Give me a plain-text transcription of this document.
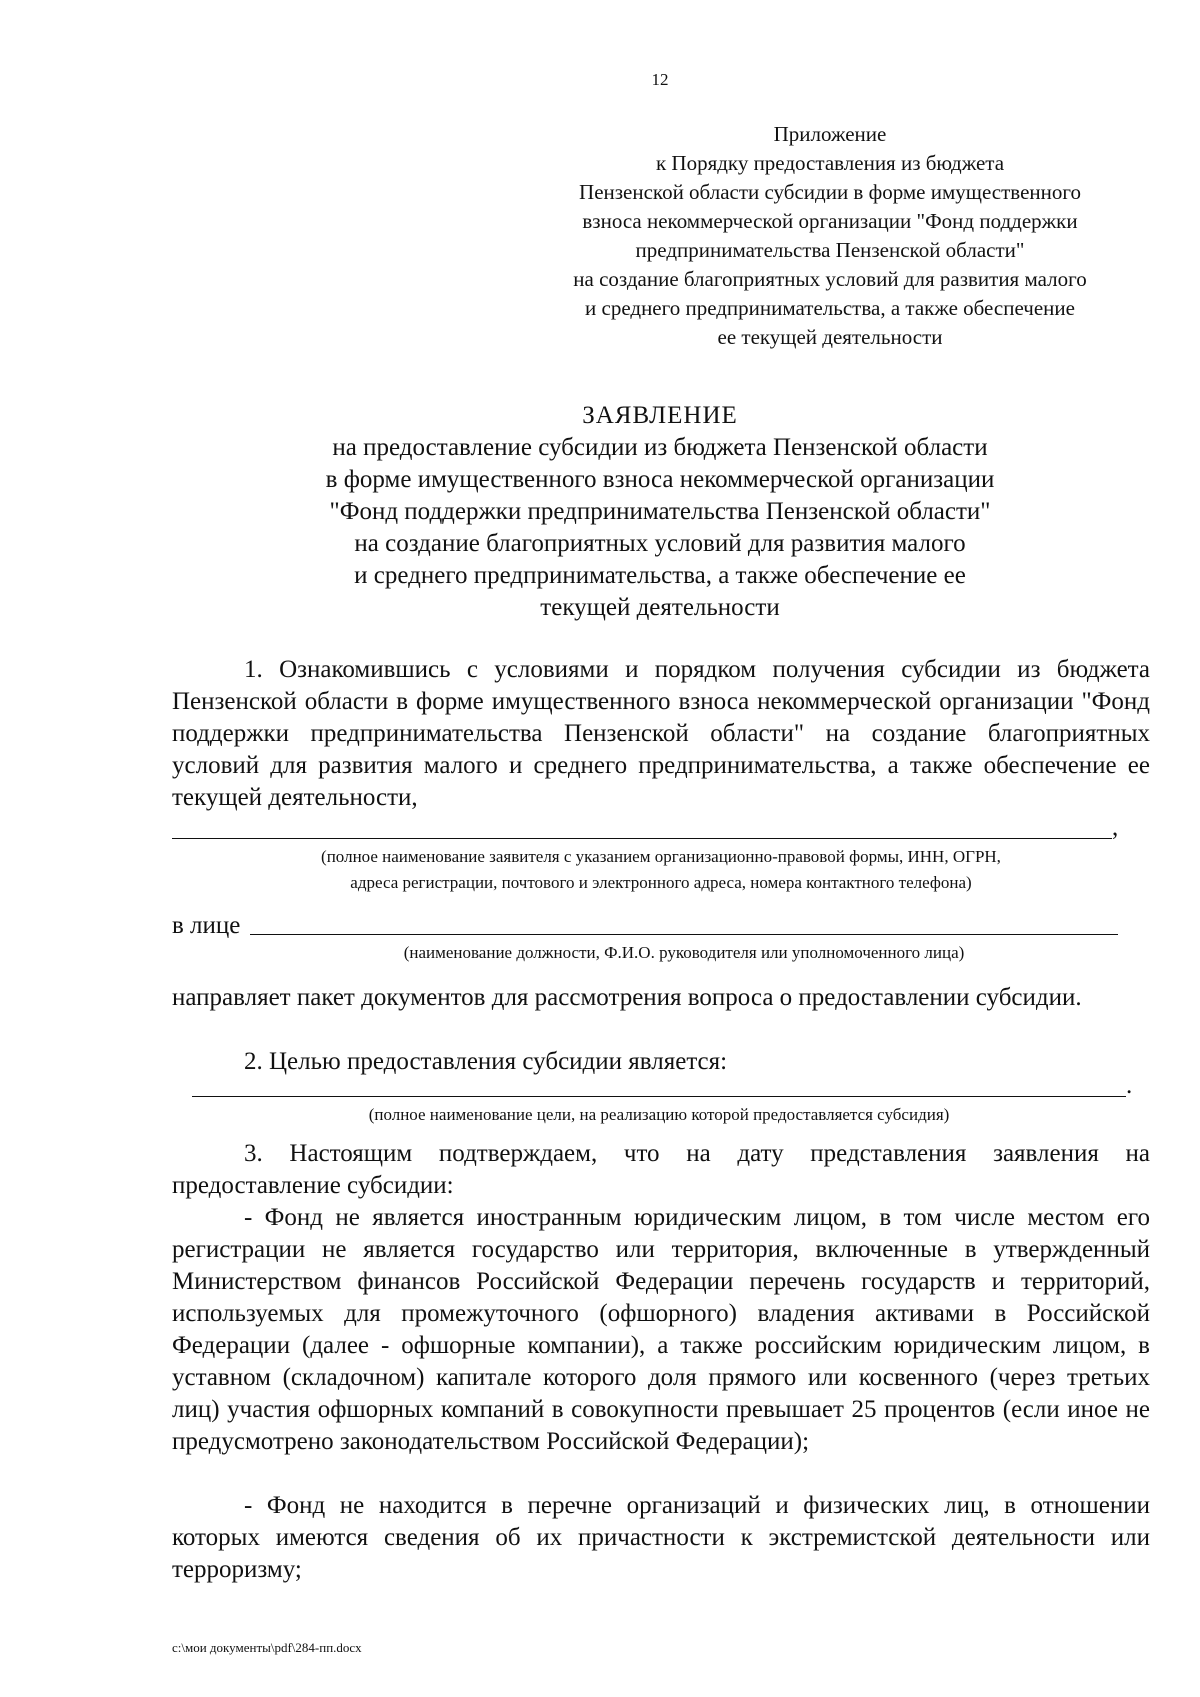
12
Приложение
к Порядку предоставления из бюджета
Пензенской области субсидии в форме имущественного
взноса некоммерческой организации "Фонд поддержки
предпринимательства Пензенской области"
на создание благоприятных условий для развития малого
и среднего предпринимательства, а также обеспечение
ее текущей деятельности
ЗАЯВЛЕНИЕ
на предоставление субсидии из бюджета Пензенской области
в форме имущественного взноса некоммерческой организации
"Фонд поддержки предпринимательства Пензенской области"
на создание благоприятных условий для развития малого
и среднего предпринимательства, а также обеспечение ее
текущей деятельности
1. Ознакомившись с условиями и порядком получения субсидии из бюджета Пензенской области в форме имущественного взноса некоммерческой организации "Фонд поддержки предпринимательства Пензенской области" на создание благоприятных условий для развития малого и среднего предпринимательства, а также обеспечение ее текущей деятельности,
,
(полное наименование заявителя с указанием организационно-правовой формы, ИНН, ОГРН,
адреса регистрации, почтового и электронного адреса, номера контактного телефона)
в лице
(наименование должности, Ф.И.О. руководителя или уполномоченного лица)
направляет пакет документов для рассмотрения вопроса о предоставлении субсидии.
2. Целью предоставления субсидии является:
.
(полное наименование цели, на реализацию которой предоставляется субсидия)
3. Настоящим подтверждаем, что на дату представления заявления на предоставление субсидии:
- Фонд не является иностранным юридическим лицом, в том числе местом его регистрации не является государство или территория, включенные в утвержденный Министерством финансов Российской Федерации перечень государств и территорий, используемых для промежуточного (офшорного) владения активами в Российской Федерации (далее - офшорные компании), а также российским юридическим лицом, в уставном (складочном) капитале которого доля прямого или косвенного (через третьих лиц) участия офшорных компаний в совокупности превышает 25 процентов (если иное не предусмотрено законодательством Российской Федерации);
- Фонд не находится в перечне организаций и физических лиц, в отношении которых имеются сведения об их причастности к экстремистской деятельности или терроризму;
c:\мои документы\pdf\284-пп.docx
